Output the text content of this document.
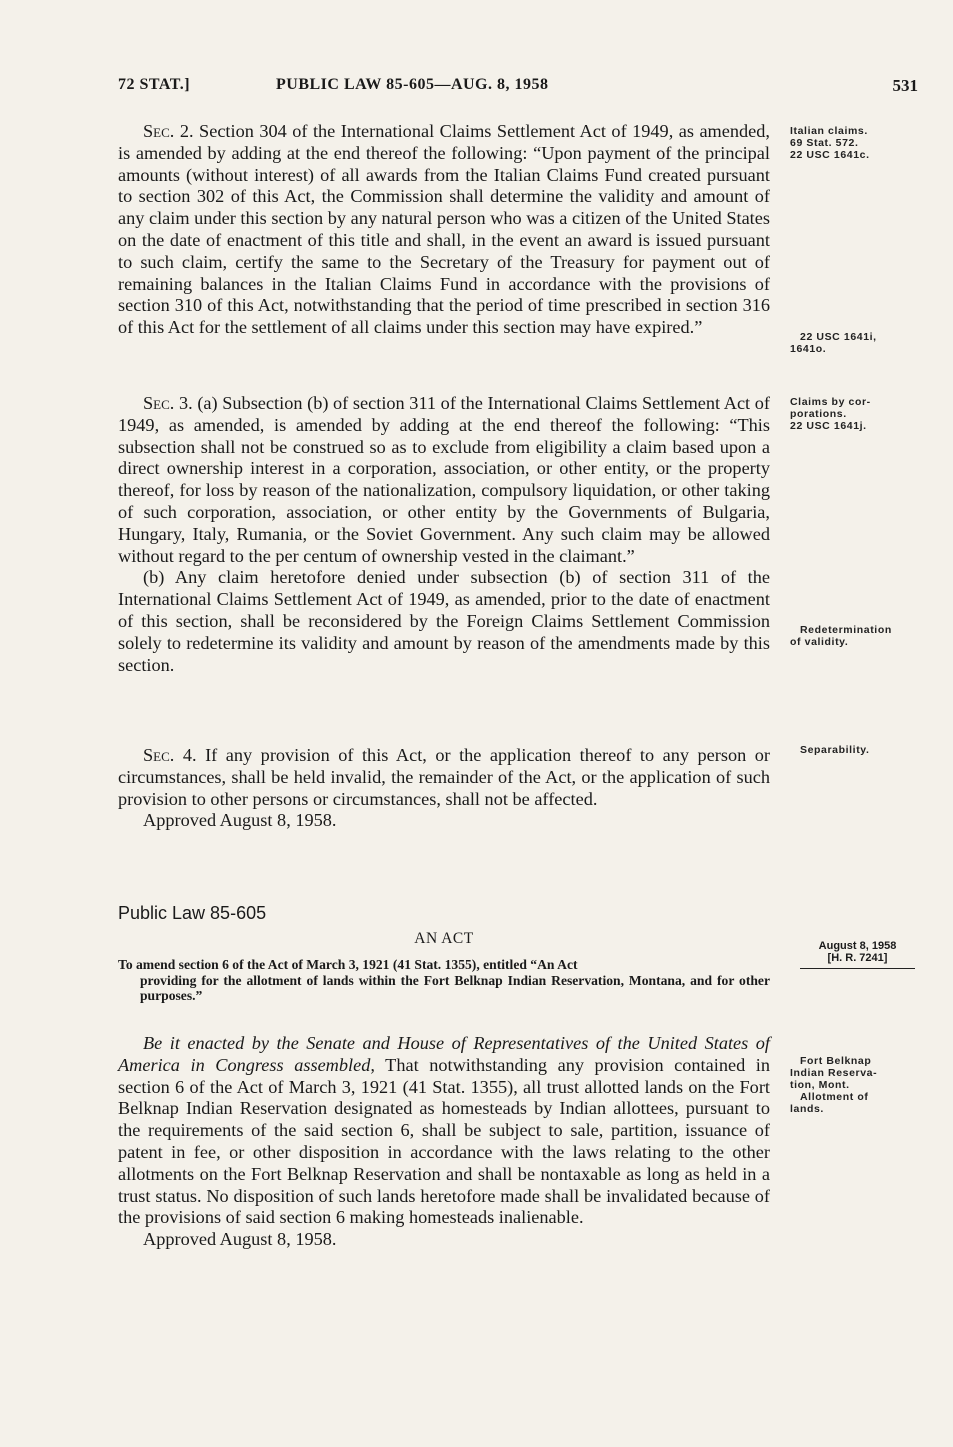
72 STAT.]	PUBLIC LAW 85-605—AUG. 8, 1958	531

Sec. 2. Section 304 of the International Claims Settlement Act of 1949, as amended, is amended by adding at the end thereof the following: “Upon payment of the principal amounts (without interest) of all awards from the Italian Claims Fund created pursuant to section 302 of this Act, the Commission shall determine the validity and amount of any claim under this section by any natural person who was a citizen of the United States on the date of enactment of this title and shall, in the event an award is issued pursuant to such claim, certify the same to the Secretary of the Treasury for payment out of remaining balances in the Italian Claims Fund in accordance with the provisions of section 310 of this Act, notwithstanding that the period of time prescribed in section 316 of this Act for the settlement of all claims under this section may have expired.”

Sec. 3. (a) Subsection (b) of section 311 of the International Claims Settlement Act of 1949, as amended, is amended by adding at the end thereof the following: “This subsection shall not be construed so as to exclude from eligibility a claim based upon a direct ownership interest in a corporation, association, or other entity, or the property thereof, for loss by reason of the nationalization, compulsory liquidation, or other taking of such corporation, association, or other entity by the Governments of Bulgaria, Hungary, Italy, Rumania, or the Soviet Government. Any such claim may be allowed without regard to the per centum of ownership vested in the claimant.”

(b) Any claim heretofore denied under subsection (b) of section 311 of the International Claims Settlement Act of 1949, as amended, prior to the date of enactment of this section, shall be reconsidered by the Foreign Claims Settlement Commission solely to redetermine its validity and amount by reason of the amendments made by this section.

Sec. 4. If any provision of this Act, or the application thereof to any person or circumstances, shall be held invalid, the remainder of the Act, or the application of such provision to other persons or circumstances, shall not be affected.

Approved August 8, 1958.

Public Law 85-605
AN ACT
To amend section 6 of the Act of March 3, 1921 (41 Stat. 1355), entitled “An Act
providing for the allotment of lands within the Fort Belknap Indian Reservation, Montana, and for other purposes.”

Be it enacted by the Senate and House of Representatives of the United States of America in Congress assembled, That notwithstanding any provision contained in section 6 of the Act of March 3, 1921 (41 Stat. 1355), all trust allotted lands on the Fort Belknap Indian Reservation designated as homesteads by Indian allottees, pursuant to the requirements of the said section 6, shall be subject to sale, partition, issuance of patent in fee, or other disposition in accordance with the laws relating to the other allotments on the Fort Belknap Reservation and shall be nontaxable as long as held in a trust status. No disposition of such lands heretofore made shall be invalidated because of the provisions of said section 6 making homesteads inalienable.

Approved August 8, 1958.

Italian claims.
69 Stat. 572.
22 USC 1641c.
22 USC 1641i,
1641o.
Claims by cor-
porations.
22 USC 1641j.
Redetermination
of validity.
Separability.
August 8, 1958
[H. R. 7241]
Fort Belknap
Indian Reserva-
tion, Mont.
Allotment of
lands.
